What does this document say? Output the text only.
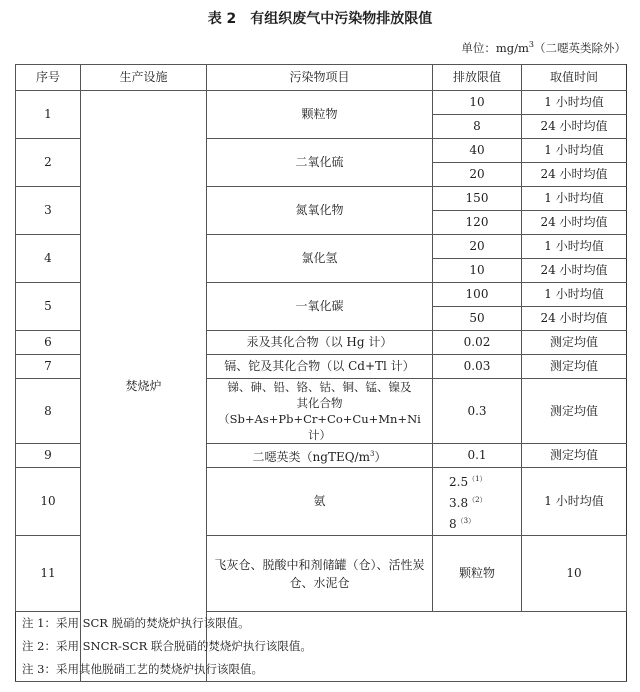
表 2　有组织废气中污染物排放限值
单位：$mg/m^3$（二噁英类除外）
序号	生产设施	污染物项目	排放限值	取值时间	
1	焚烧炉	颗粒物	10	1 小时均值	
			8	24 小时均值	
2		二氧化硫	40	1 小时均值	
			20	24 小时均值	
3		氮氧化物	150	1 小时均值	
			120	24 小时均值	
4		氯化氢	20	1 小时均值	
			10	24 小时均值	
5		一氧化碳	100	1 小时均值	
			50	24 小时均值	
6		汞及其化合物（以 Hg 计）	0.02	测定均值	
7		镉、铊及其化合物（以 Cd+Tl 计）	0.03	测定均值	
8		锑、砷、铅、铬、钴、铜、锰、镍及
其化合物
（Sb+As+Pb+Cr+Co+Cu+Mn+Ni 计）	0.3	测定均值	
9		二噁英类$(ngTEQ/m^3)$	0.1	测定均值	
10		氨	$2.5^{(1)}$
$3.8^{(2)}$
$8^{(3)}$	1 小时均值	
11		飞灰仓、脱酸中和剂储罐（仓）、活性炭仓、水泥仓	颗粒物	10	

注 1：采用 SCR 脱硝的焚烧炉执行该限值。
注 2：采用 SNCR-SCR 联合脱硝的焚烧炉执行该限值。
注 3：采用其他脱硝工艺的焚烧炉执行该限值。					
